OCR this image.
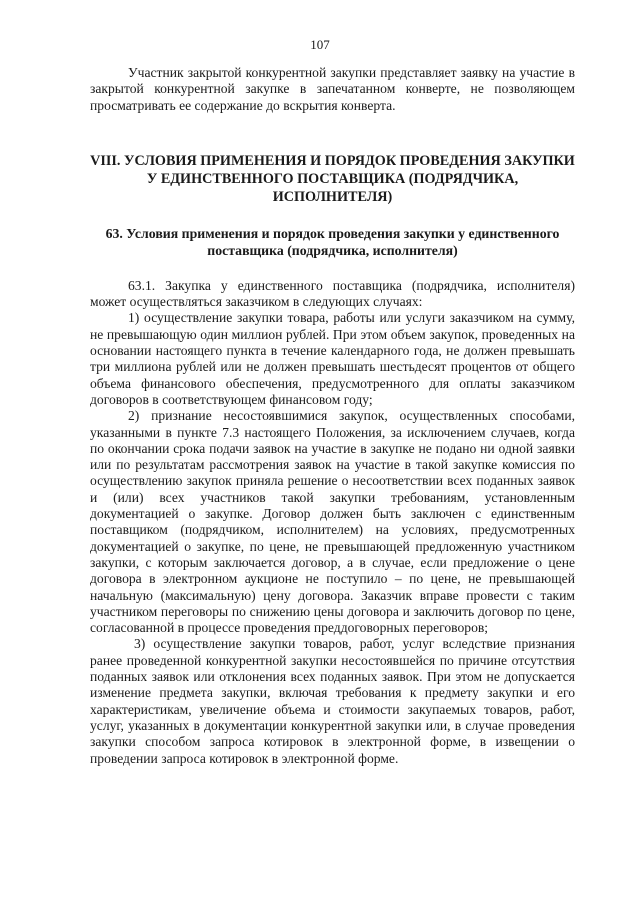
107

Участник закрытой конкурентной закупки представляет заявку на участие в закрытой конкурентной закупке в запечатанном конверте, не позволяющем просматривать ее содержание до вскрытия конверта.

VIII. УСЛОВИЯ ПРИМЕНЕНИЯ И ПОРЯДОК ПРОВЕДЕНИЯ ЗАКУПКИ У ЕДИНСТВЕННОГО ПОСТАВЩИКА (ПОДРЯДЧИКА, ИСПОЛНИТЕЛЯ)

63. Условия применения и порядок проведения закупки у единственного поставщика (подрядчика, исполнителя)

63.1. Закупка у единственного поставщика (подрядчика, исполнителя) может осуществляться заказчиком в следующих случаях:

1) осуществление закупки товара, работы или услуги заказчиком на сумму, не превышающую один миллион рублей. При этом объем закупок, проведенных на основании настоящего пункта в течение календарного года, не должен превышать три миллиона рублей или не должен превышать шестьдесят процентов от общего объема финансового обеспечения, предусмотренного для оплаты заказчиком договоров в соответствующем финансовом году;

2) признание несостоявшимися закупок, осуществленных способами, указанными в пункте 7.3 настоящего Положения, за исключением случаев, когда по окончании срока подачи заявок на участие в закупке не подано ни одной заявки или по результатам рассмотрения заявок на участие в такой закупке комиссия по осуществлению закупок приняла решение о несоответствии всех поданных заявок и (или) всех участников такой закупки требованиям, установленным документацией о закупке. Договор должен быть заключен с единственным поставщиком (подрядчиком, исполнителем) на условиях, предусмотренных документацией о закупке, по цене, не превышающей предложенную участником закупки, с которым заключается договор, а в случае, если предложение о цене договора в электронном аукционе не поступило – по цене, не превышающей начальную (максимальную) цену договора. Заказчик вправе провести с таким участником переговоры по снижению цены договора и заключить договор по цене, согласованной в процессе проведения преддоговорных переговоров;

3) осуществление закупки товаров, работ, услуг вследствие признания ранее проведенной конкурентной закупки несостоявшейся по причине отсутствия поданных заявок или отклонения всех поданных заявок. При этом не допускается изменение предмета закупки, включая требования к предмету закупки и его характеристикам, увеличение объема и стоимости закупаемых товаров, работ, услуг, указанных в документации конкурентной закупки или, в случае проведения закупки способом запроса котировок в электронной форме, в извещении о проведении запроса котировок в электронной форме.
